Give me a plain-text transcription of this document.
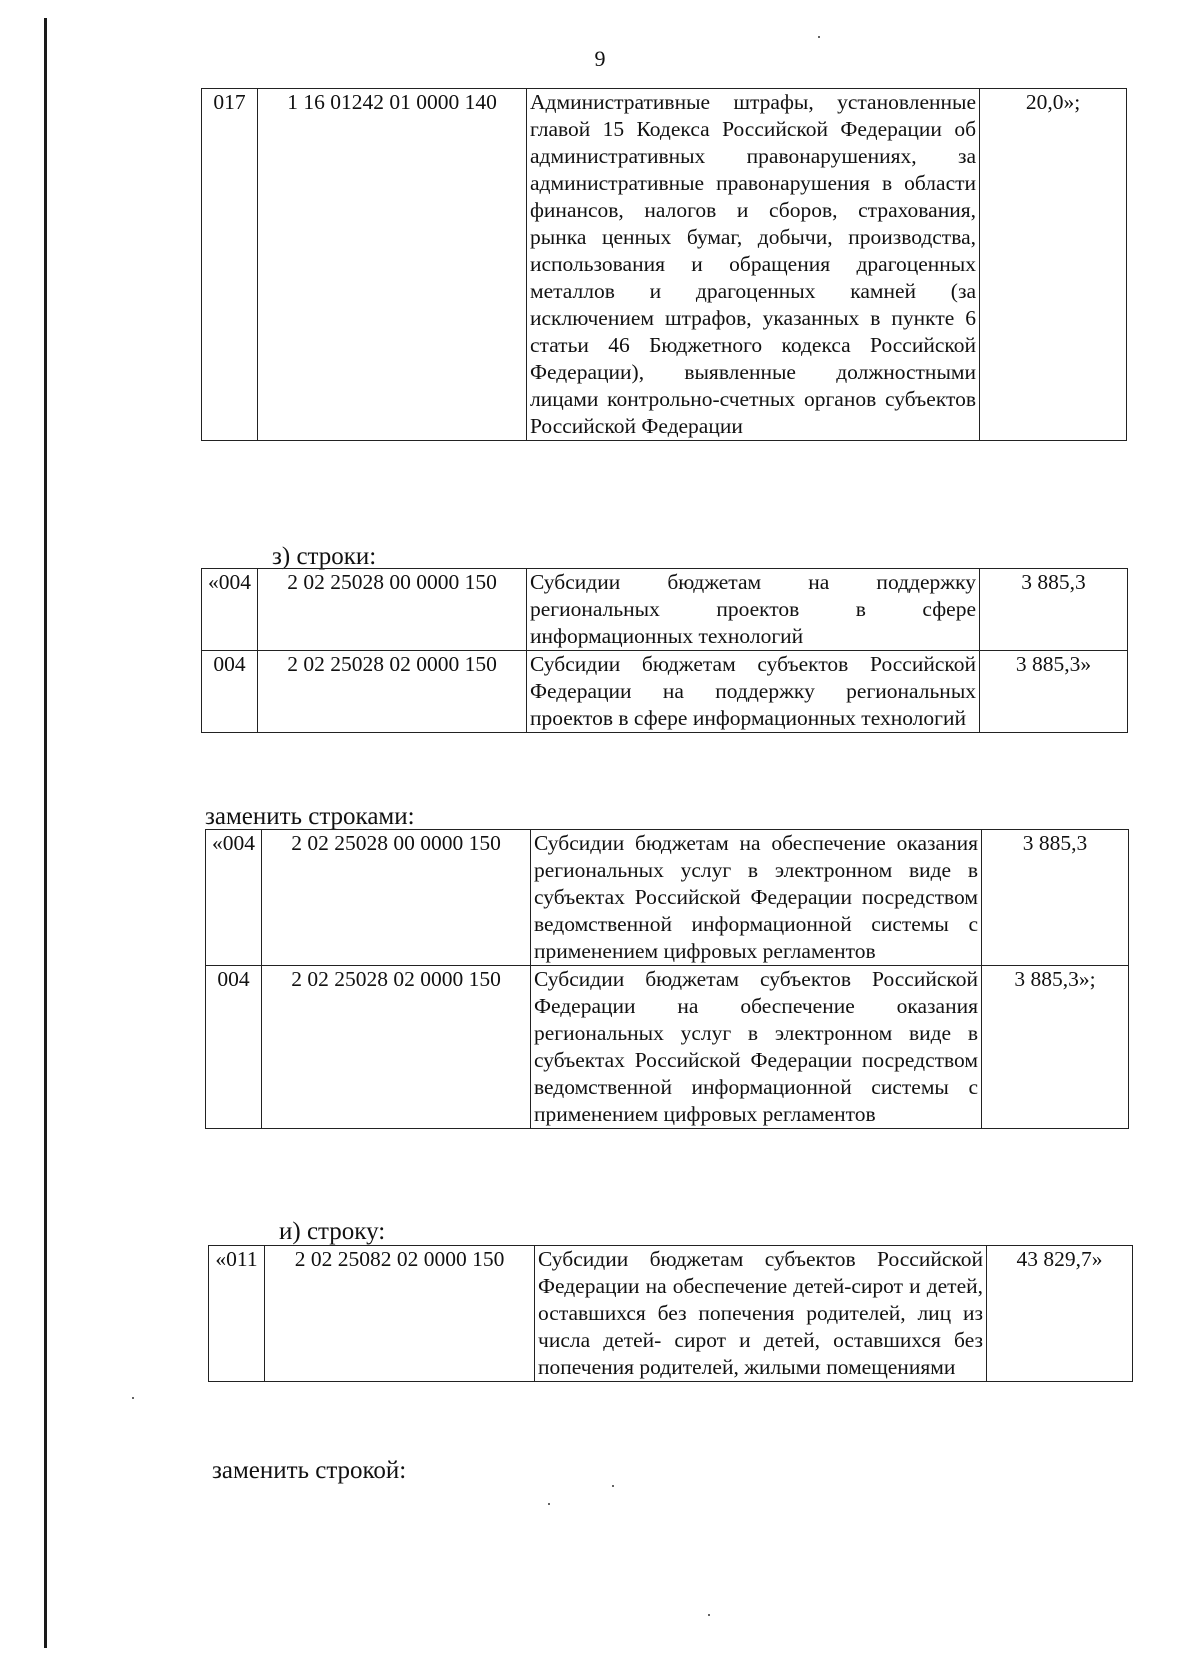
9
017	1 16 01242 01 0000 140	Административные штрафы, установленные главой 15 Кодекса Российской Федерации об административных правонарушениях, за административные правонарушения в области финансов, налогов и сборов, страхования, рынка ценных бумаг, добычи, производства, использования и обращения драгоценных металлов и драгоценных камней (за исключением штрафов, указанных в пункте 6 статьи 46 Бюджетного кодекса Российской Федерации), выявленные должностными лицами контрольно-счетных органов субъектов Российской Федерации	20,0»;
з) строки:
«004	2 02 25028 00 0000 150	Субсидии бюджетам на поддержку региональных проектов в сфере информационных технологий	3 885,3
004	2 02 25028 02 0000 150	Субсидии бюджетам субъектов Российской Федерации на поддержку региональных проектов в сфере информационных технологий	3 885,3»
заменить строками:
«004	2 02 25028 00 0000 150	Субсидии бюджетам на обеспечение оказания региональных услуг в электронном виде в субъектах Российской Федерации посредством ведомственной информационной системы с применением цифровых регламентов	3 885,3
004	2 02 25028 02 0000 150	Субсидии бюджетам субъектов Российской Федерации на обеспечение оказания региональных услуг в электронном виде в субъектах Российской Федерации посредством ведомственной информационной системы с применением цифровых регламентов	3 885,3»;
и) строку:
«011	2 02 25082 02 0000 150	Субсидии бюджетам субъектов Российской Федерации на обеспечение детей-сирот и детей, оставшихся без попечения родителей, лиц из числа детей- сирот и детей, оставшихся без попечения родителей, жилыми помещениями	43 829,7»
заменить строкой:
